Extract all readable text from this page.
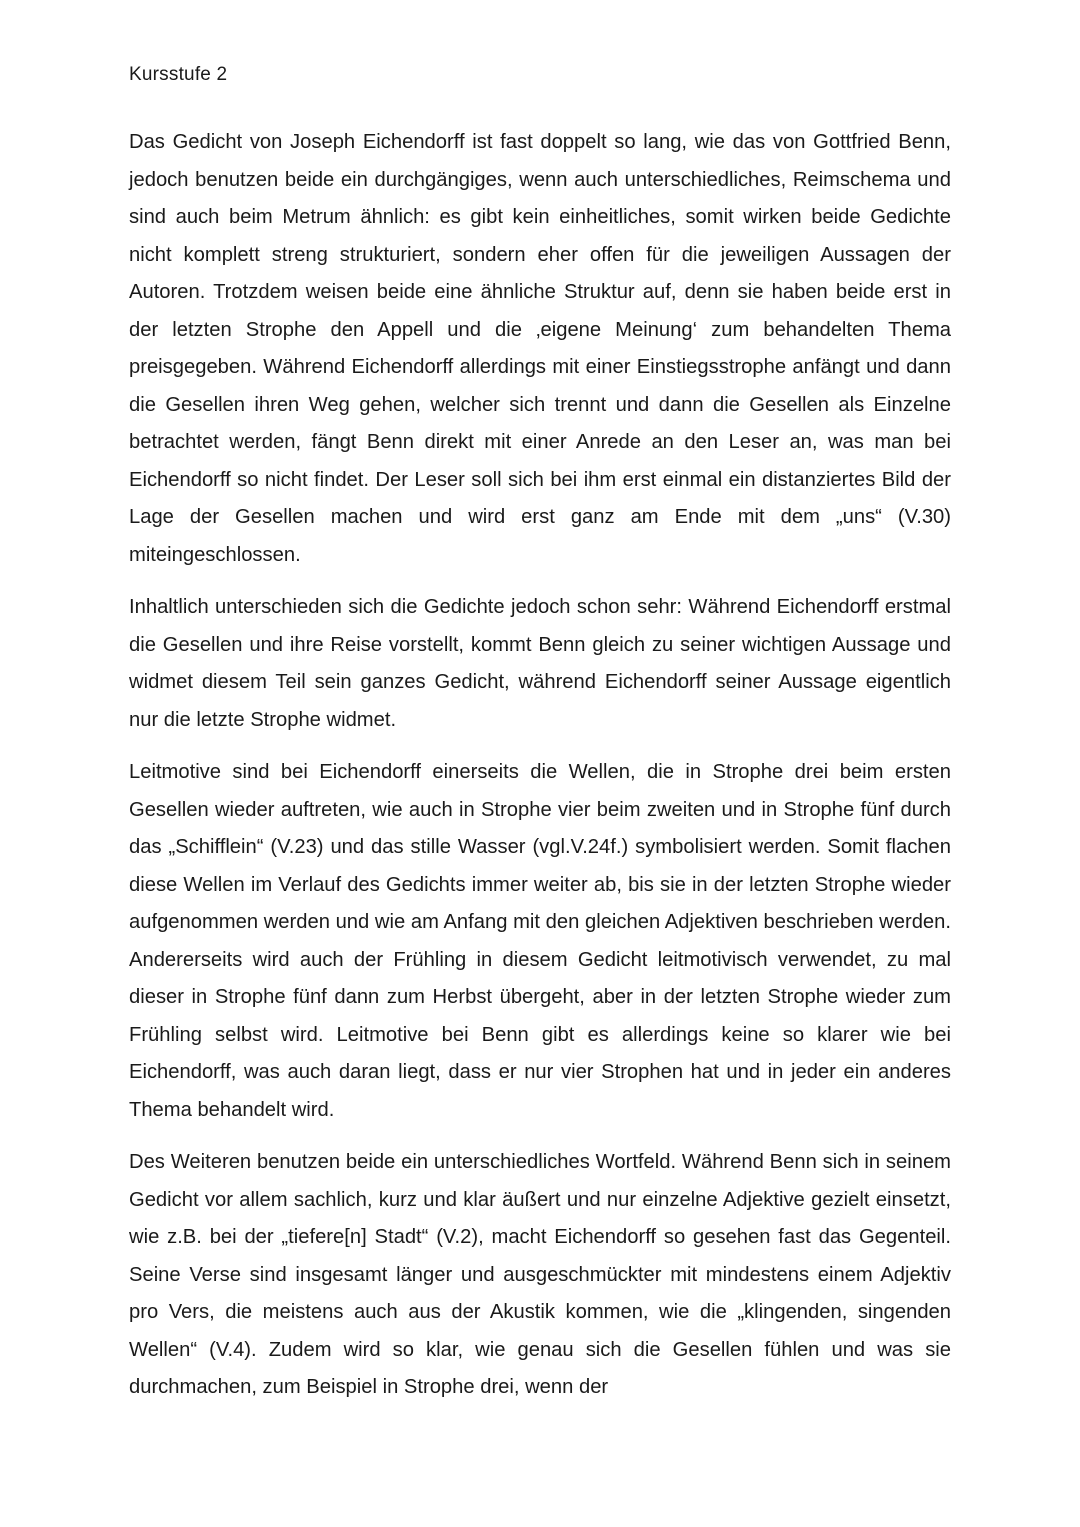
Kursstufe 2

Das Gedicht von Joseph Eichendorff ist fast doppelt so lang, wie das von Gottfried Benn, jedoch benutzen beide ein durchgängiges, wenn auch unterschiedliches, Reimschema und sind auch beim Metrum ähnlich: es gibt kein einheitliches, somit wirken beide Gedichte nicht komplett streng strukturiert, sondern eher offen für die jeweiligen Aussagen der Autoren. Trotzdem weisen beide eine ähnliche Struktur auf, denn sie haben beide erst in der letzten Strophe den Appell und die ‚eigene Meinung‘ zum behandelten Thema preisgegeben. Während Eichendorff allerdings mit einer Einstiegsstrophe anfängt und dann die Gesellen ihren Weg gehen, welcher sich trennt und dann die Gesellen als Einzelne betrachtet werden, fängt Benn direkt mit einer Anrede an den Leser an, was man bei Eichendorff so nicht findet. Der Leser soll sich bei ihm erst einmal ein distanziertes Bild der Lage der Gesellen machen und wird erst ganz am Ende mit dem „uns“ (V.30) miteingeschlossen.

Inhaltlich unterschieden sich die Gedichte jedoch schon sehr: Während Eichendorff erstmal die Gesellen und ihre Reise vorstellt, kommt Benn gleich zu seiner wichtigen Aussage und widmet diesem Teil sein ganzes Gedicht, während Eichendorff seiner Aussage eigentlich nur die letzte Strophe widmet.

Leitmotive sind bei Eichendorff einerseits die Wellen, die in Strophe drei beim ersten Gesellen wieder auftreten, wie auch in Strophe vier beim zweiten und in Strophe fünf durch das „Schifflein“ (V.23) und das stille Wasser (vgl.V.24f.) symbolisiert werden. Somit flachen diese Wellen im Verlauf des Gedichts immer weiter ab, bis sie in der letzten Strophe wieder aufgenommen werden und wie am Anfang mit den gleichen Adjektiven beschrieben werden. Andererseits wird auch der Frühling in diesem Gedicht leitmotivisch verwendet, zu mal dieser in Strophe fünf dann zum Herbst übergeht, aber in der letzten Strophe wieder zum Frühling selbst wird. Leitmotive bei Benn gibt es allerdings keine so klarer wie bei Eichendorff, was auch daran liegt, dass er nur vier Strophen hat und in jeder ein anderes Thema behandelt wird.

Des Weiteren benutzen beide ein unterschiedliches Wortfeld. Während Benn sich in seinem Gedicht vor allem sachlich, kurz und klar äußert und nur einzelne Adjektive gezielt einsetzt, wie z.B. bei der „tiefere[n] Stadt“ (V.2), macht Eichendorff so gesehen fast das Gegenteil. Seine Verse sind insgesamt länger und ausgeschmückter mit mindestens einem Adjektiv pro Vers, die meistens auch aus der Akustik kommen, wie die „klingenden, singenden Wellen“ (V.4). Zudem wird so klar, wie genau sich die Gesellen fühlen und was sie durchmachen, zum Beispiel in Strophe drei, wenn der
